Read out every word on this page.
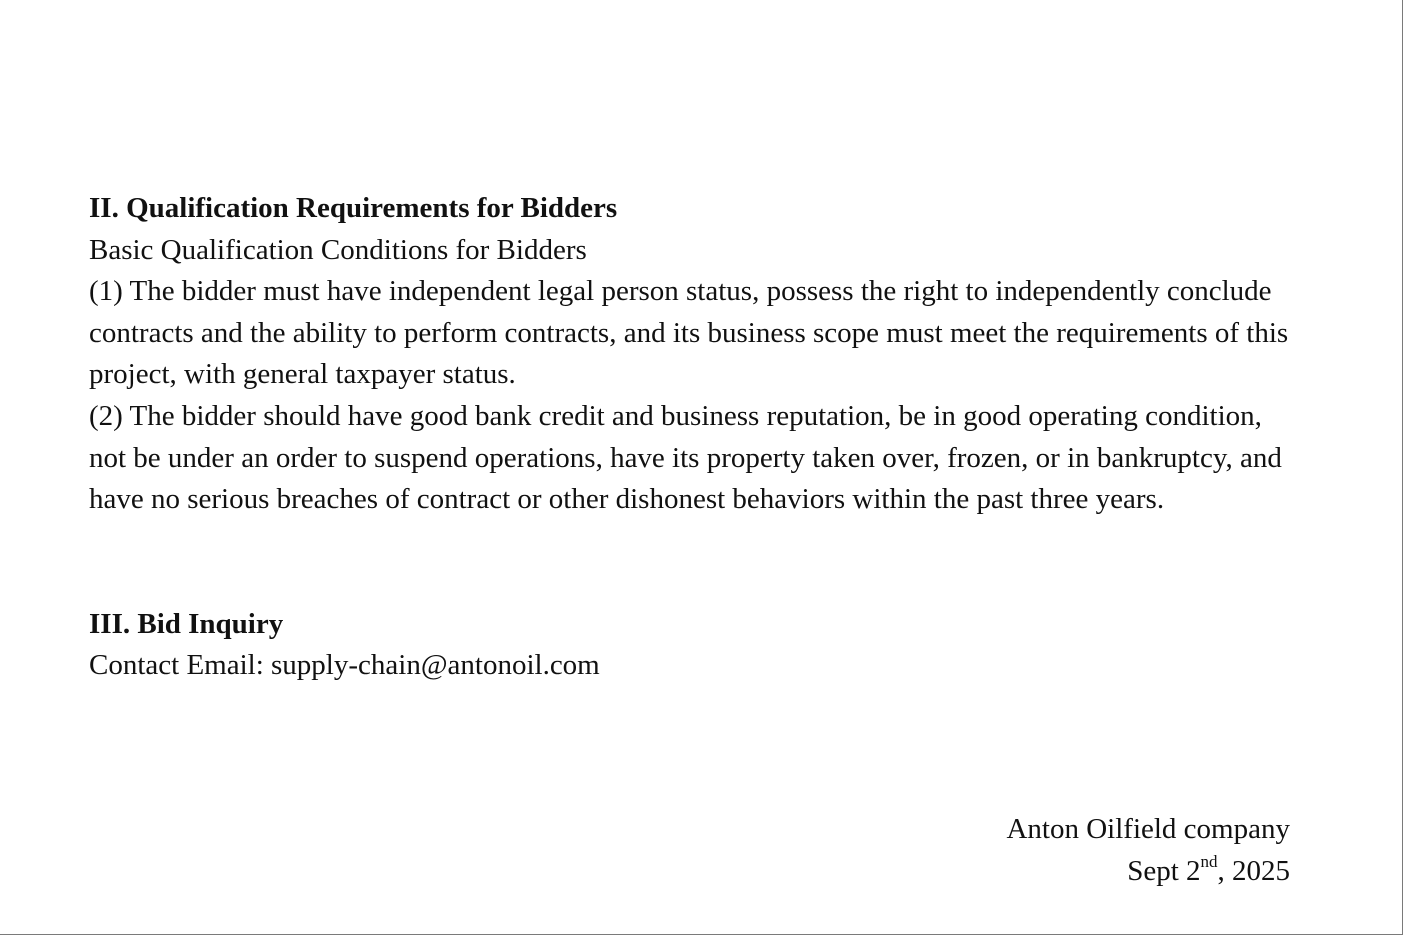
II. Qualification Requirements for Bidders

Basic Qualification Conditions for Bidders

(1) The bidder must have independent legal person status, possess the right to independently conclude contracts and the ability to perform contracts, and its business scope must meet the requirements of this project, with general taxpayer status.

(2) The bidder should have good bank credit and business reputation, be in good operating condition, not be under an order to suspend operations, have its property taken over, frozen, or in bankruptcy, and have no serious breaches of contract or other dishonest behaviors within the past three years.

III. Bid Inquiry

Contact Email: supply-chain@antonoil.com

Anton Oilfield company
Sept 2nd, 2025
